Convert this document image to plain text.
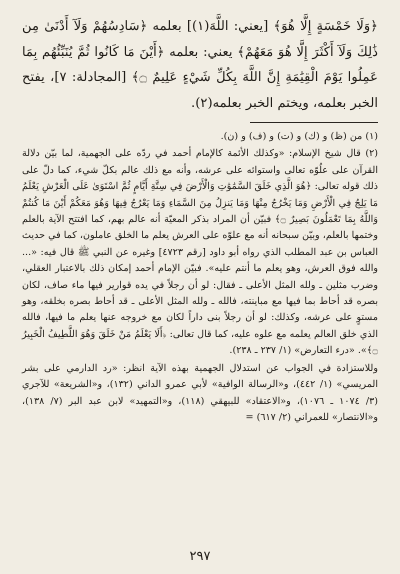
﴿وَلَا خَمْسَةٍ إِلَّا هُوَ﴾ [يعني: اللَّهَ(١)] بعلمه ﴿سَادِسُهُمْ وَلَآ أَدْنَىٰ مِن ذَٰلِكَ وَلَآ أَكْثَرَ إِلَّا هُوَ مَعَهُمْ﴾ يعني: بعلمه ﴿أَيْنَ مَا كَانُوا ثُمَّ يُنَبِّئُهُم بِمَا عَمِلُوا يَوْمَ الْقِيَٰمَةِ إِنَّ اللَّهَ بِكُلِّ شَيْءٍ عَلِيمٌ ۝﴾ [المجادلة: ٧]، يفتح الخبر بعلمه، ويختم الخبر بعلمه(٢).

(١) من (ظ) و (ك) و (ت) و (ف) و (ن).

(٢) قال شيخ الإسلام: «وكذلك الأئمة كالإمام أحمد في ردّه على الجهمية، لما بيّن دلالة القرآن على علُوّه تعالى واستوائه على عرشه، وأنه مع ذلك عالم بكلّ شيء، كما دلّ على ذلك قوله تعالى: ﴿هُوَ الَّذِي خَلَقَ السَّمَٰوَٰتِ وَالْأَرْضَ فِي سِتَّةِ أَيَّامٍ ثُمَّ اسْتَوَىٰ عَلَى الْعَرْشِ يَعْلَمُ مَا يَلِجُ فِي الْأَرْضِ وَمَا يَخْرُجُ مِنْهَا وَمَا يَنزِلُ مِنَ السَّمَاءِ وَمَا يَعْرُجُ فِيهَا وَهُوَ مَعَكُمْ أَيْنَ مَا كُنتُمْ وَاللَّهُ بِمَا تَعْمَلُونَ بَصِيرٌ ۝﴾ فبيّن أن المراد بذكر المعيّة أنه عالم بهم، كما افتتح الآية بالعلم وختمها بالعلم، وبيّن سبحانه أنه مع علوّه على العرش يعلم ما الخلق عاملون، كما في حديث العباس بن عبد المطلب الذي رواه أبو داود [رقم ٤٧٢٣] وغيره عن النبي ﷺ قال فيه: «... والله فوق العرش، وهو يعلم ما أنتم عليه». فبيّن الإمام أحمد إمكان ذلك بالاعتبار العقلي، وضرب مثلين ـ ولله المثل الأعلى ـ فقال: لو أن رجلاً في يده قوارير فيها ماء صاف، لكان بصره قد أحاط بما فيها مع مباينته، فالله ـ ولله المثل الأعلى ـ قد أحاط بصره بخلقه، وهو مستوٍ على عرشه، وكذلك: لو أن رجلاً بنى داراً لكان مع خروجه عنها يعلم ما فيها، فالله الذي خلق العالم يعلمه مع علوه عليه، كما قال تعالى: ﴿أَلَا يَعْلَمُ مَنْ خَلَقَ وَهُوَ اللَّطِيفُ الْخَبِيرُ ۝﴾». «درء التعارض» (١/ ٢٣٧ ـ ٢٣٨).

وللاستزادة في الجواب عن استدلال الجهمية بهذه الآية انظر: «رد الدارمي على بشر المريسي» (١/ ٤٤٢)، و«الرسالة الوافية» لأبي عمرو الداني (١٣٢)، و«الشريعة» للآجري (٣/ ١٠٧٤ ـ ١٠٧٦)، و«الاعتقاد» للبيهقي (١١٨)، و«التمهيد» لابن عبد البر (٧/ ١٣٨)، و«الانتصار» للعمراني (٢/ ٦١٧) =

٢٩٧
